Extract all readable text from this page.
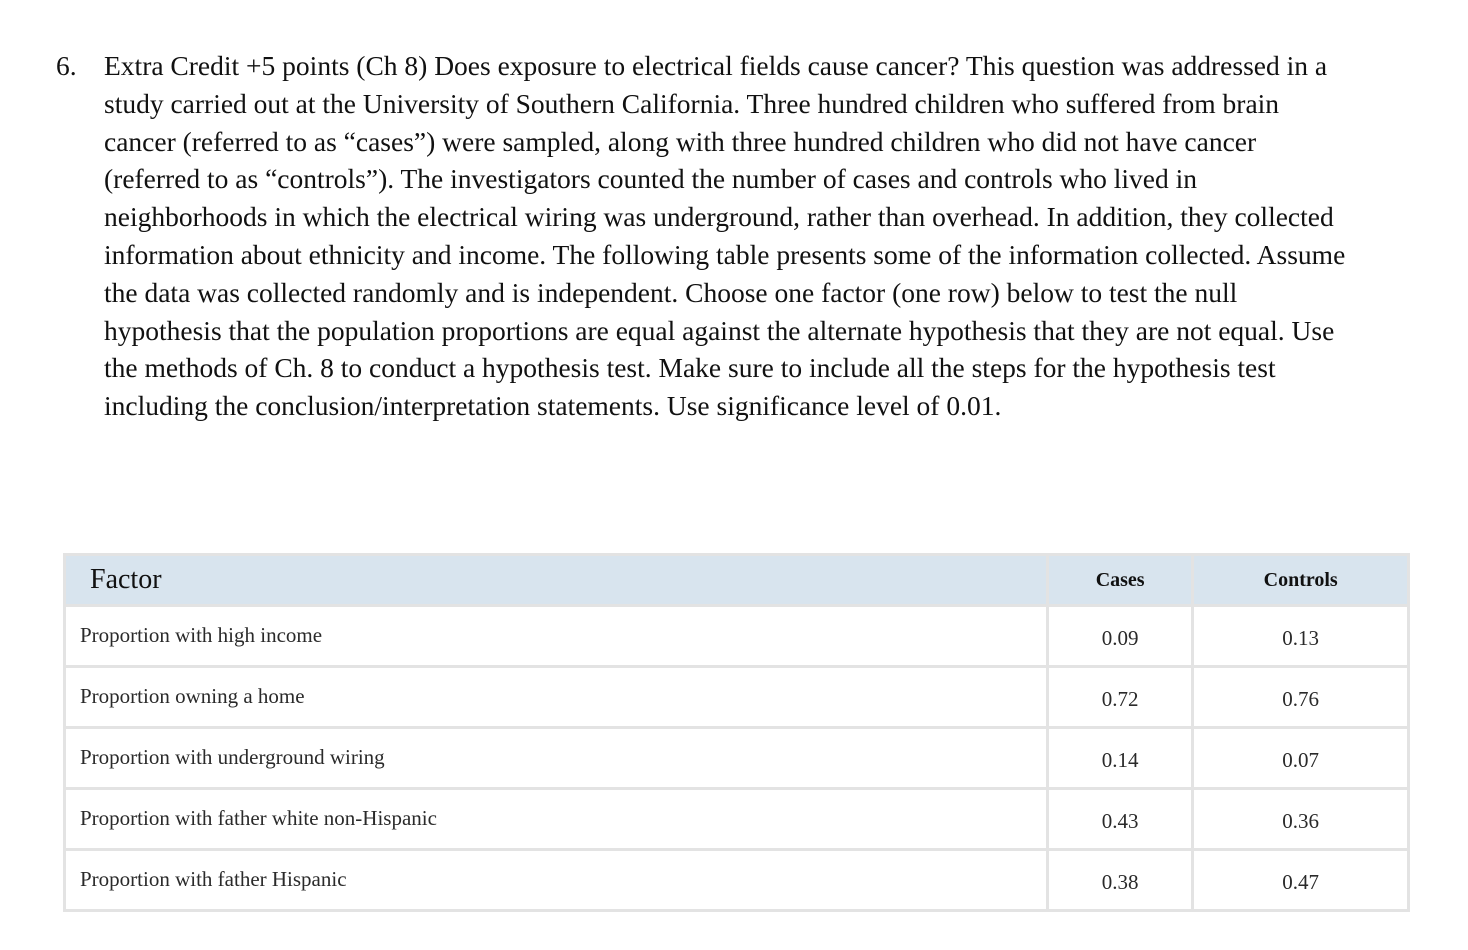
6. Extra Credit +5 points (Ch 8) Does exposure to electrical fields cause cancer? This question was addressed in a study carried out at the University of Southern California. Three hundred children who suffered from brain cancer (referred to as “cases”) were sampled, along with three hundred children who did not have cancer (referred to as “controls”). The investigators counted the number of cases and controls who lived in neighborhoods in which the electrical wiring was underground, rather than overhead. In addition, they collected information about ethnicity and income. The following table presents some of the information collected. Assume the data was collected randomly and is independent. Choose one factor (one row) below to test the null hypothesis that the population proportions are equal against the alternate hypothesis that they are not equal. Use the methods of Ch. 8 to conduct a hypothesis test. Make sure to include all the steps for the hypothesis test including the conclusion/interpretation statements. Use significance level of 0.01.
Factor	Cases	Controls
Proportion with high income	0.09	0.13
Proportion owning a home	0.72	0.76
Proportion with underground wiring	0.14	0.07
Proportion with father white non-Hispanic	0.43	0.36
Proportion with father Hispanic	0.38	0.47
